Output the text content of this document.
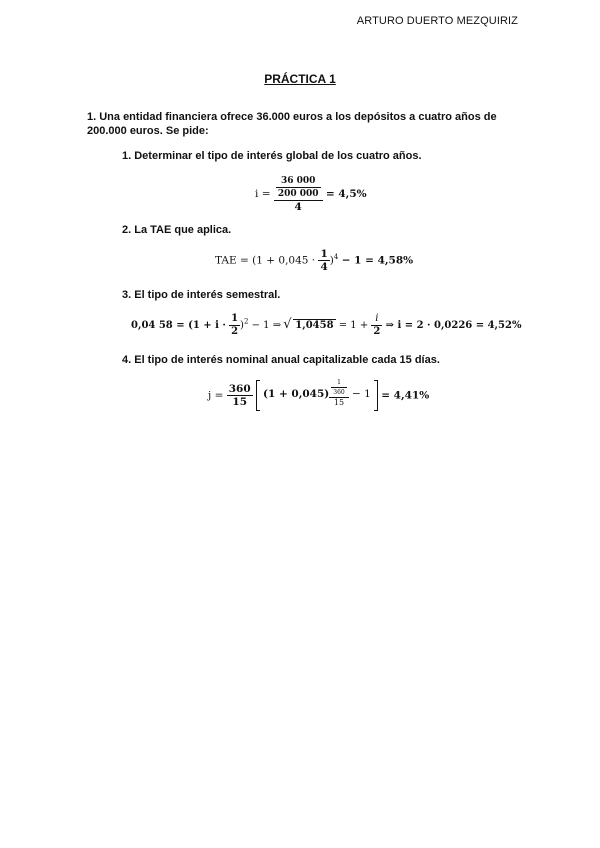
ARTURO DUERTO MEZQUIRIZ
PRÁCTICA 1
1. Una entidad financiera ofrece 36.000 euros a los depósitos a cuatro años de 200.000 euros. Se pide:
1. Determinar el tipo de interés global de los cuatro años.
$i = \frac{\frac{36 000}{200 000}}{4} = 4,5\%$
2. La TAE que aplica.
TAE = $(1 + 0,045 \cdot \frac{1}{4} )^4 - 1 = 4,58\%$
3. El tipo de interés semestral.
0,04 $58 = (1 + i \cdot \frac{1}{2} )^2 - 1$ ⇒ √ $1,0458 = 1 + \frac{i}{2}$ ⇒ i = 2 · 0,0226 = 4,52%
4. El tipo de interés nominal anual capitalizable cada 15 días.
$j = \frac{360}{15} (1 + 0,045) \frac{\frac{1}{360}}{15} - 1 = 4,41\%$
